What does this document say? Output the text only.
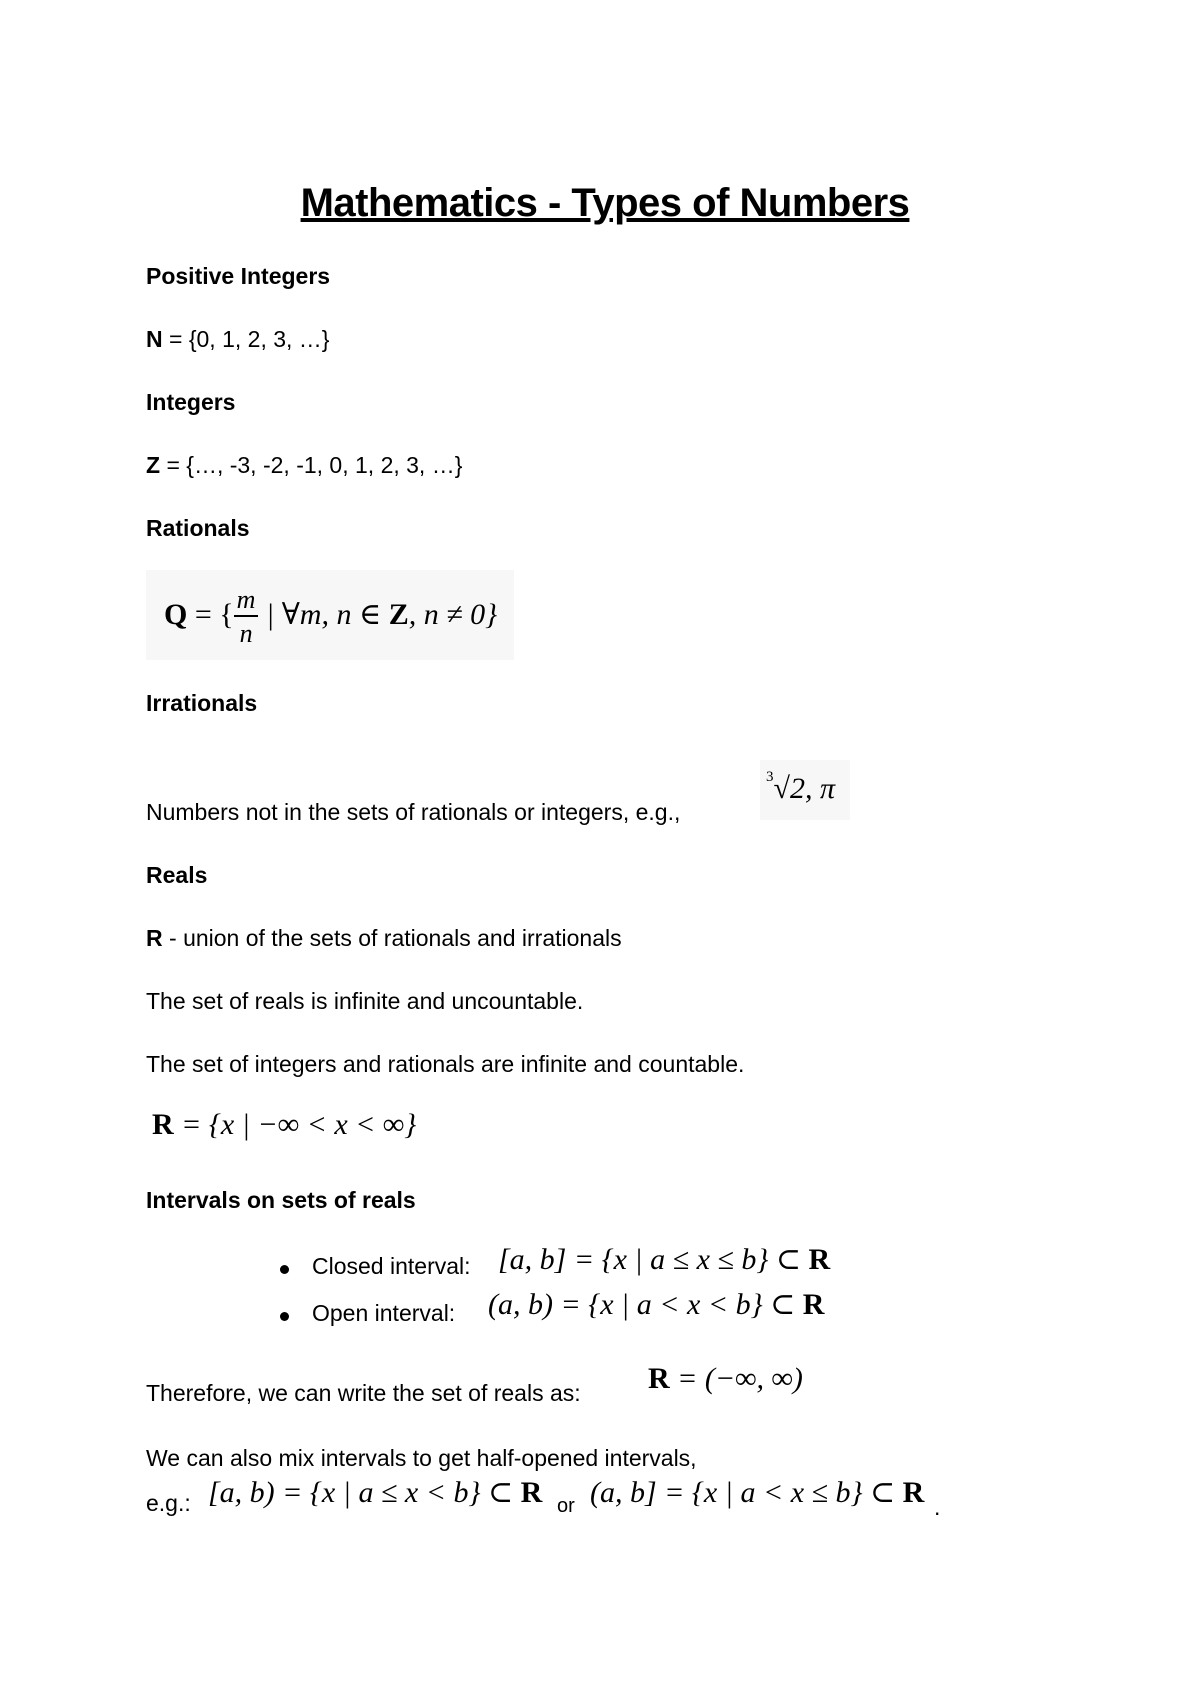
Mathematics - Types of Numbers
Positive Integers
N = {0, 1, 2, 3, …}
Integers
Z = {…, -3, -2, -1, 0, 1, 2, 3, …}
Rationals
Q = { $\frac{m}{n}$ | ∀m, n ∈ Z, n ≠ 0}
Irrationals
Numbers not in the sets of rationals or integers, e.g.,
$^3$√2, π
Reals
R - union of the sets of rationals and irrationals
The set of reals is infinite and uncountable.
The set of integers and rationals are infinite and countable.
R = {x | −∞ < x < ∞}
Intervals on sets of reals
Closed interval: [a, b] = {x | a ≤ x ≤ b} ⊂ R
Open interval: (a, b) = {x | a < x < b} ⊂ R
Therefore, we can write the set of reals as: R = (−∞, ∞)
We can also mix intervals to get half-opened intervals,
e.g.: [a, b) = {x | a ≤ x < b} ⊂ R or (a, b] = {x | a < x ≤ b} ⊂ R .
